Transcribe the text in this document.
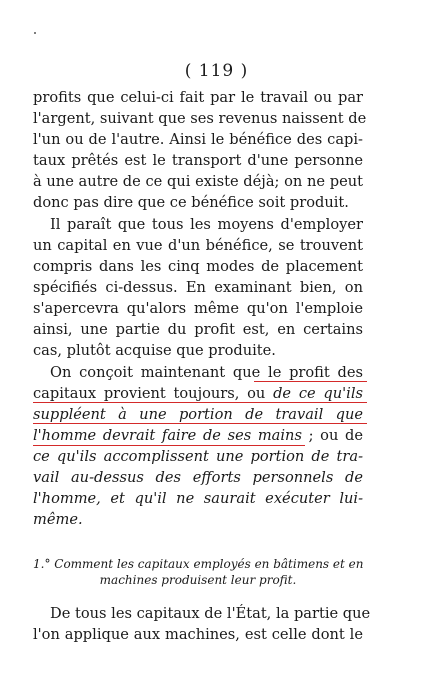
( 119 )
profits que celui-ci fait par le travail ou par
l'argent, suivant que ses revenus naissent de
l'un ou de l'autre. Ainsi le bénéfice des capi-
taux prêtés est le transport d'une personne
à une autre de ce qui existe déjà; on ne peut
donc pas dire que ce bénéfice soit produit.
Il paraît que tous les moyens d'employer
un capital en vue d'un bénéfice, se trouvent
compris dans les cinq modes de placement
spécifiés ci-dessus. En examinant bien, on
s'apercevra qu'alors même qu'on l'emploie
ainsi, une partie du profit est, en certains
cas, plutôt acquise que produite.
On conçoit maintenant que le profit des
capitaux provient toujours, ou de ce qu'ils
suppléent à une portion de travail que
l'homme devrait faire de ses mains ; ou de
ce qu'ils accomplissent une portion de tra-
vail au-dessus des efforts personnels de
l'homme, et qu'il ne saurait exécuter lui-
même.
1.° Comment les capitaux employés en bâtimens et en
machines produisent leur profit.
De tous les capitaux de l'État, la partie que
l'on applique aux machines, est celle dont le
